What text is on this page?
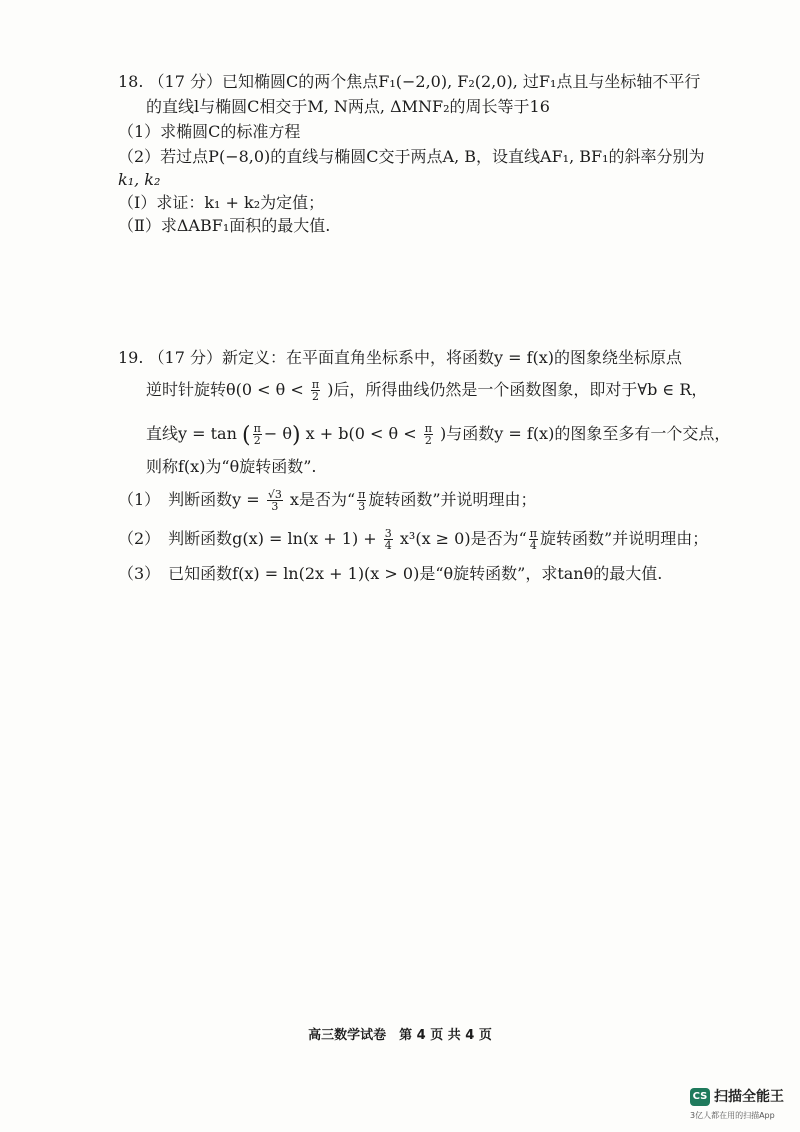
18. （17 分）已知椭圆C的两个焦点F₁(−2,0), F₂(2,0), 过F₁点且与坐标轴不平行
的直线l与椭圆C相交于M, N两点, ΔMNF₂的周长等于16
（1）求椭圆C的标准方程
（2）若过点P(−8,0)的直线与椭圆C交于两点A, B，设直线AF₁, BF₁的斜率分别为
k₁, k₂
（Ⅰ）求证：k₁ + k₂为定值；
（Ⅱ）求ΔABF₁面积的最大值.
19. （17 分）新定义：在平面直角坐标系中，将函数y = f(x)的图象绕坐标原点
逆时针旋转$\theta(0 < \theta < \frac{\pi}{2}$ )后，所得曲线仍然是一个函数图象，即对于∀b ∈ R，
直线y = tan ( $\frac{\pi}{2} - \theta$) $x + b(0 < \theta < \frac{\pi}{2}$ )与函数y = f(x)的图象至多有一个交点，
则称f(x)为“θ旋转函数”.
（1）　判断函数$y = \frac{√3}{3}$ x是否为“ $\frac{\pi}{3}$ 旋转函数”并说明理由；
（2）　判断函数$g(x) = \ln(x + 1) + \frac{3}{4} x^3(x \ge 0)$是否为“ $\frac{\pi}{4}$ 旋转函数”并说明理由；
（3）　已知函数f(x) = ln(2x + 1)(x > 0)是“θ旋转函数”，求tanθ的最大值.
高三数学试卷　第 4 页 共 4 页
CS 扫描全能王
3亿人都在用的扫描App
